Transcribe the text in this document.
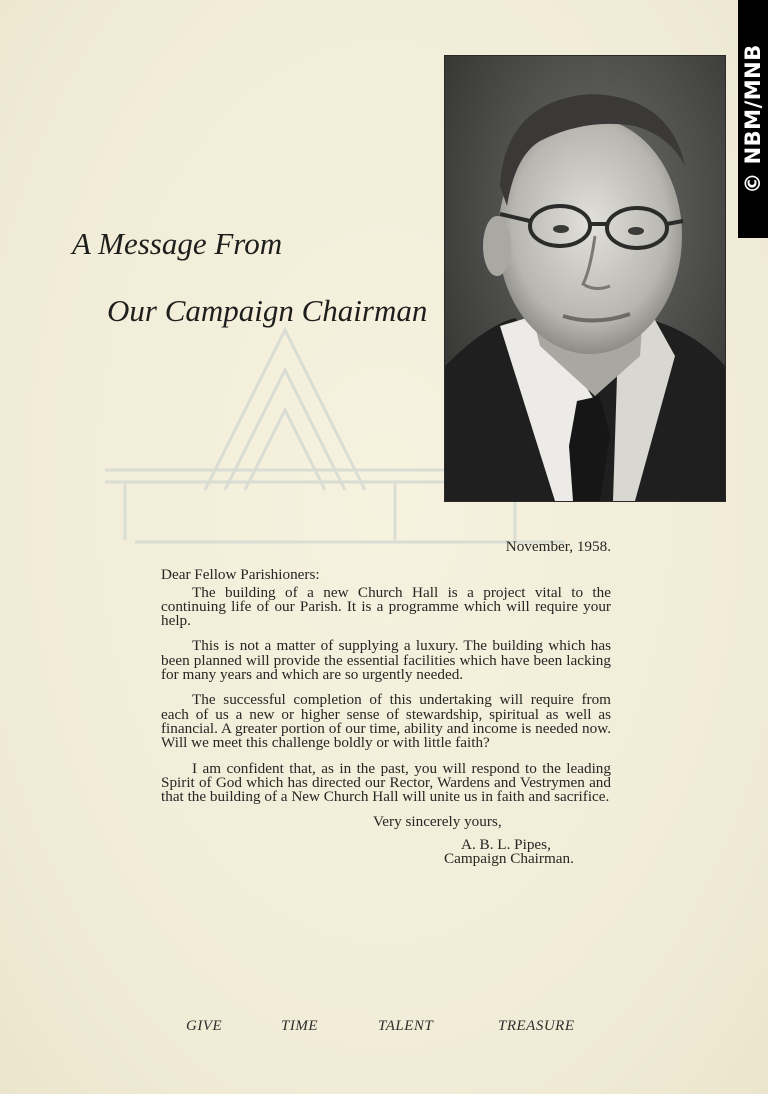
A Message From
Our Campaign Chairman
© NBM/MNB
November, 1958.
Dear Fellow Parishioners:

The building of a new Church Hall is a project vital to the continuing life of our Parish. It is a programme which will require your help.

This is not a matter of supplying a luxury. The building which has been planned will provide the essential facilities which have been lacking for many years and which are so urgently needed.

The successful completion of this undertaking will require from each of us a new or higher sense of stewardship, spiritual as well as financial. A greater portion of our time, ability and income is needed now. Will we meet this challenge boldly or with little faith?

I am confident that, as in the past, you will respond to the leading Spirit of God which has directed our Rector, Wardens and Vestrymen and that the building of a New Church Hall will unite us in faith and sacrifice.

Very sincerely yours,
A. B. L. Pipes,
Campaign Chairman.
GIVE	TIME	TALENT	TREASURE
